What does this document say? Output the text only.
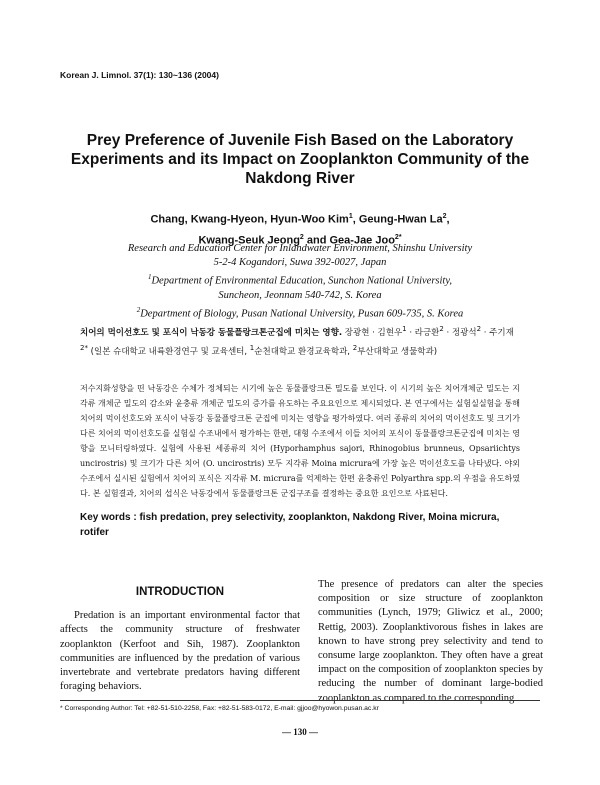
Korean J. Limnol. 37(1): 130~136 (2004)
Prey Preference of Juvenile Fish Based on the Laboratory Experiments and its Impact on Zooplankton Community of the Nakdong River
Chang, Kwang-Hyeon, Hyun-Woo Kim$^1$, Geung-Hwan La$^2$,
Kwang-Seuk Jeong$^2$ and Gea-Jae Joo$^{2*}$
Research and Education Center for Inlandwater Environment, Shinshu University
5-2-4 Kogandori, Suwa 392-0027, Japan
$^1$Department of Environmental Education, Sunchon National University,
Suncheon, Jeonnam 540-742, S. Korea
$^2$Department of Biology, Pusan National University, Pusan 609-735, S. Korea
치어의 먹이선호도 및 포식이 낙동강 동물플랑크톤군집에 미치는 영향. 장광현 · 김현우$^1$ · 라긍환$^2$ · 정광석$^2$ · 주기재$^{2*}$ (일본 슈대학교 내륙환경연구 및 교육센터, $^1$순천대학교 환경교육학과, $^2$부산대학교 생물학과)
저수지화성향을 띤 낙동강은 수체가 정체되는 시기에 높은 동물플랑크톤 밀도를 보인다. 이 시기의 높은 치어개체군 밀도는 지각류 개체군 밀도의 감소와 윤충류 개체군 밀도의 증가를 유도하는 주요요인으로 제시되었다. 본 연구에서는 실험실실험을 통해 치어의 먹이선호도와 포식이 낙동강 동물플랑크톤 군집에 미치는 영향을 평가하였다. 여러 종류의 치어의 먹이선호도 및 크기가 다른 치어의 먹이선호도를 실험실 수조내에서 평가하는 한편, 대형 수조에서 이들 치어의 포식이 동물플랑크톤군집에 미치는 영향을 모니터링하였다. 실험에 사용된 세종류의 치어 (Hyporhamphus sajori, Rhinogobius brunneus, Opsariichtys uncirostris) 및 크기가 다른 치어 (O. uncirostris) 모두 지각류 Moina micrura에 가장 높은 먹이선호도를 나타냈다. 야외수조에서 실시된 실험에서 치어의 포식은 지각류 M. micrura를 억제하는 한편 윤충류인 Polyarthra spp.의 우점을 유도하였다. 본 실험결과, 치어의 섭식은 낙동강에서 동물플랑크톤 군집구조를 결정하는 중요한 요인으로 사료된다.
Key words : fish predation, prey selectivity, zooplankton, Nakdong River, Moina micrura, rotifer
INTRODUCTION
Predation is an important environmental factor that affects the community structure of freshwater zooplankton (Kerfoot and Sih, 1987). Zooplankton communities are influenced by the predation of various invertebrate and vertebrate predators having different foraging behaviors.
The presence of predators can alter the species composition or size structure of zooplankton communities (Lynch, 1979; Gliwicz et al., 2000; Rettig, 2003). Zooplanktivorous fishes in lakes are known to have strong prey selectivity and tend to consume large zooplankton. They often have a great impact on the composition of zooplankton species by reducing the number of dominant large-bodied zooplankton as compared to the corresponding
* Corresponding Author: Tel: +82-51-510-2258, Fax: +82-51-583-0172, E-mail: gjjoo@hyowon.pusan.ac.kr
— 130 —
